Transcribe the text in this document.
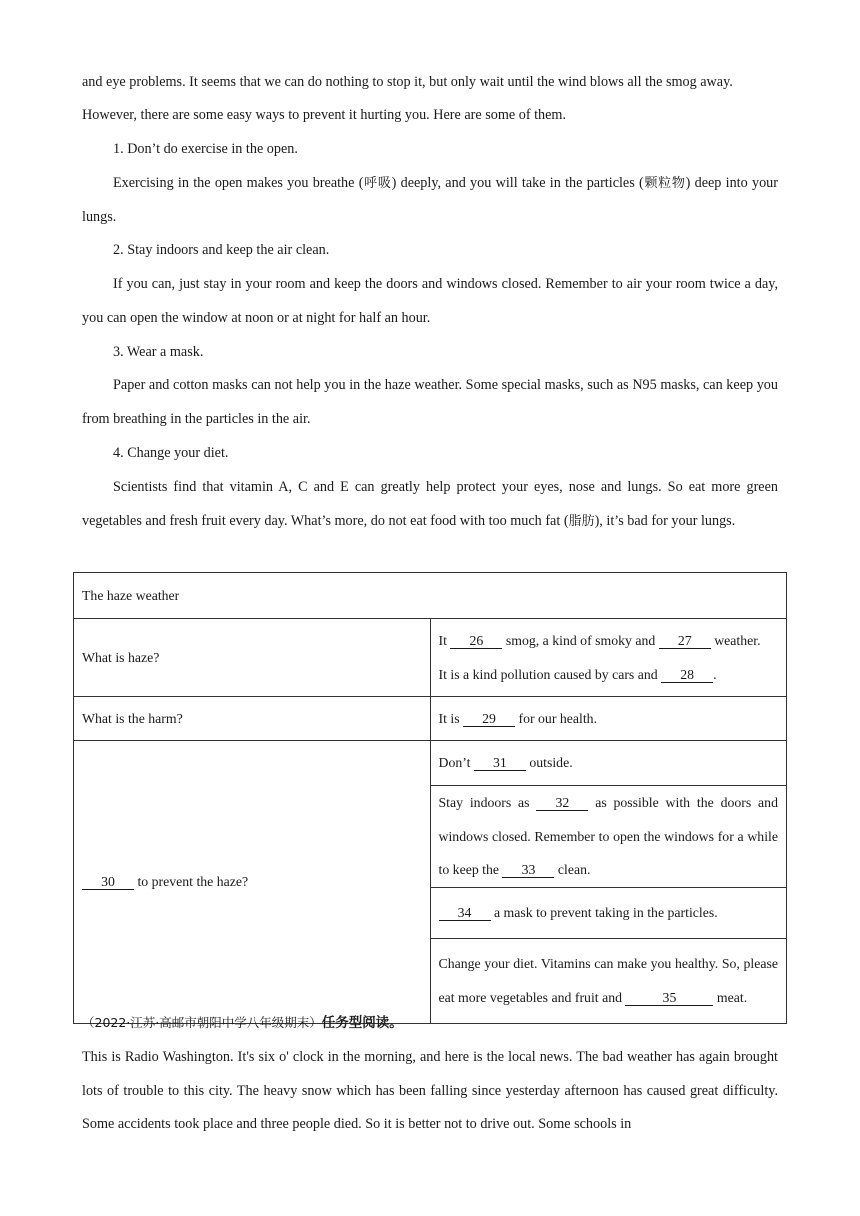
and eye problems. It seems that we can do nothing to stop it, but only wait until the wind blows all the smog away.

However, there are some easy ways to prevent it hurting you. Here are some of them.

1. Don’t do exercise in the open.

Exercising in the open makes you breathe (呼吸) deeply, and you will take in the particles (颗粒物) deep into your lungs.

2. Stay indoors and keep the air clean.

If you can, just stay in your room and keep the doors and windows closed. Remember to air your room twice a day, you can open the window at noon or at night for half an hour.

3. Wear a mask.

Paper and cotton masks can not help you in the haze weather. Some special masks, such as N95 masks, can keep you from breathing in the particles in the air.

4. Change your diet.

Scientists find that vitamin A, C and E can greatly help protect your eyes, nose and lungs. So eat more green vegetables and fresh fruit every day. What’s more, do not eat food with too much fat (脂肪), it’s bad for your lungs.

The haze weather	
What is haze?	It 26 smog, a kind of smoky and 27 weather.
It is a kind pollution caused by cars and 28 .

What is the harm?	It is 29 for our health.

30 to prevent the haze?	Don’t 31 outside.

	Stay indoors as 32 as possible with the doors and windows closed. Remember to open the windows for a while to keep the 33 clean.

	34 a mask to prevent taking in the particles.

	Change your diet. Vitamins can make you healthy. So, please eat more vegetables and fruit and 35 meat.
（2022·江苏·高邮市朝阳中学八年级期末）任务型阅读。

This is Radio Washington. It's six o' clock in the morning, and here is the local news. The bad weather has again brought lots of trouble to this city. The heavy snow which has been falling since yesterday afternoon has caused great difficulty. Some accidents took place and three people died. So it is better not to drive out. Some schools in
